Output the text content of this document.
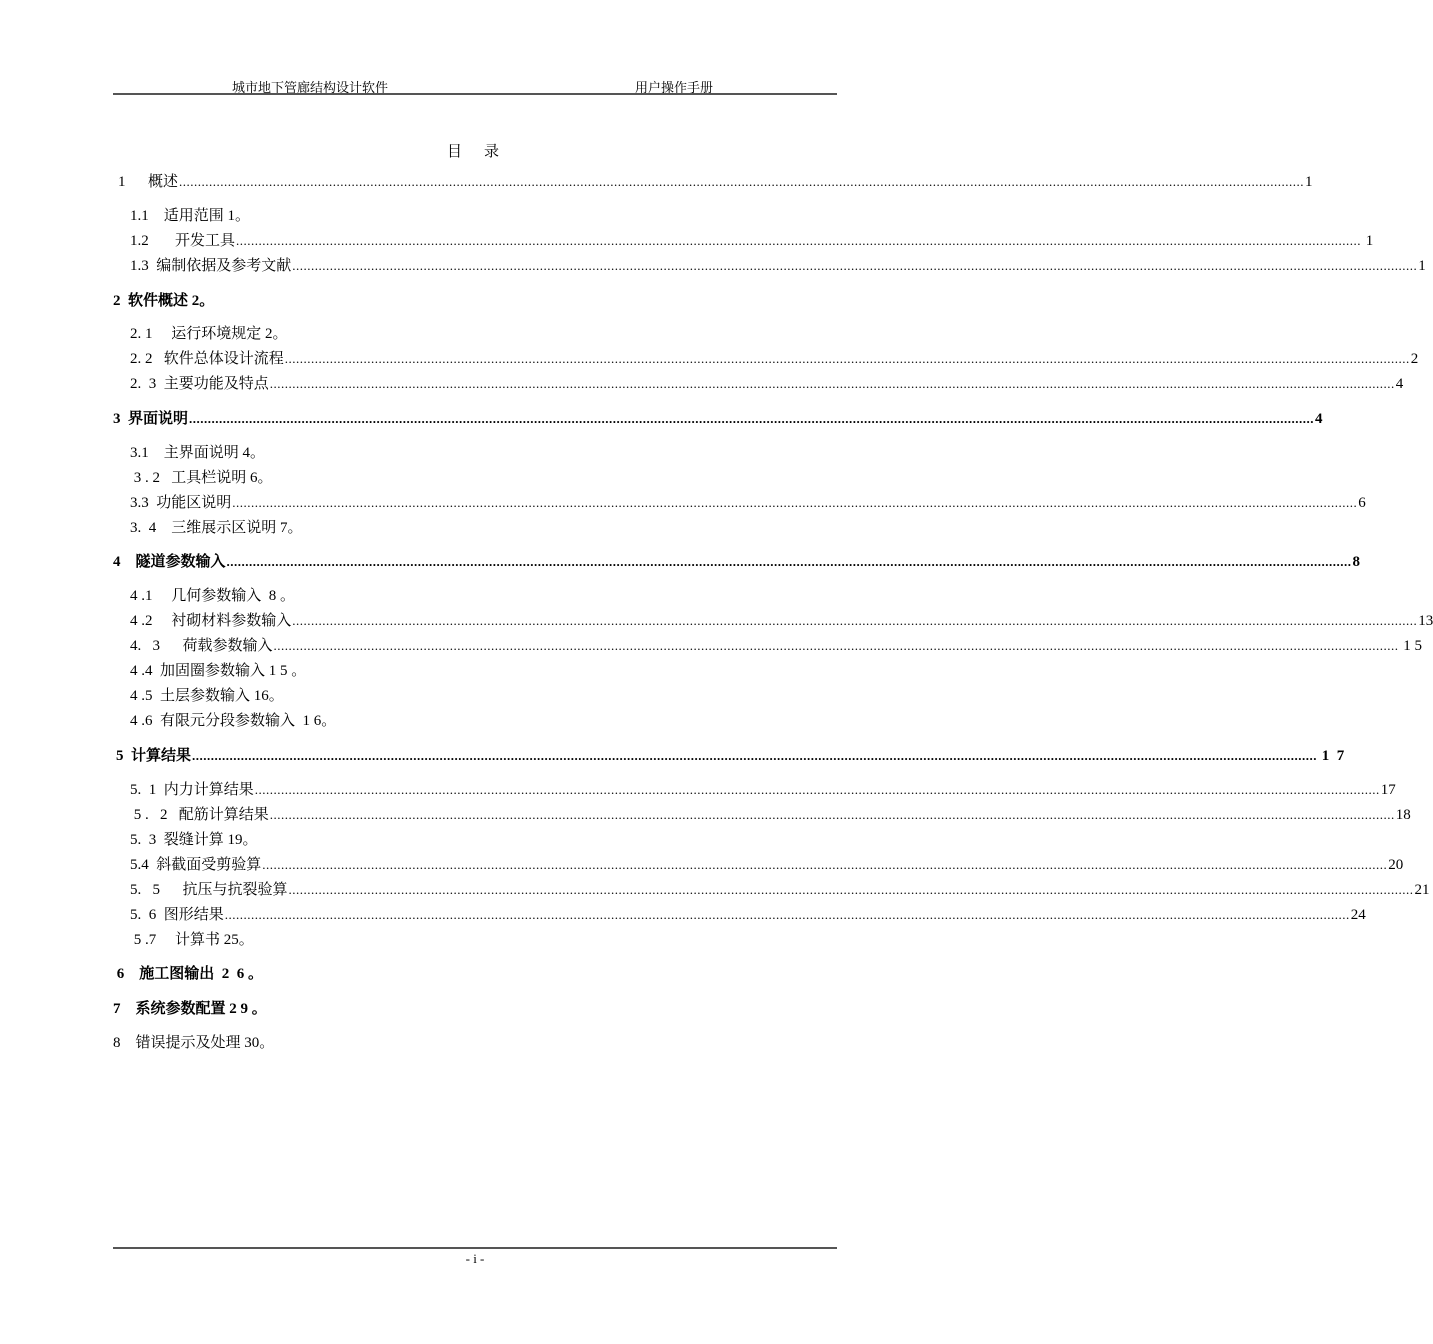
城市地下管廊结构设计软件	用户操作手册
目录
1      概述 ............................................................................................................................................................................................................................................................................................................ 1
1.1    适用范围 1。
1.2       开发工具 ............................................................................................................................................................................................................................................................................................................ 1
1.3  编制依据及参考文献 ............................................................................................................................................................................................................................................................................................................ 1
2  软件概述 2。
2. 1     运行环境规定 2。
2. 2   软件总体设计流程 ............................................................................................................................................................................................................................................................................................................ 2
2.  3  主要功能及特点 ............................................................................................................................................................................................................................................................................................................ 4
3  界面说明 ............................................................................................................................................................................................................................................................................................................ 4
3.1    主界面说明 4。
3 . 2   工具栏说明 6。
3.3  功能区说明 ............................................................................................................................................................................................................................................................................................................ 6
3.  4    三维展示区说明 7。
4    隧道参数输入 ............................................................................................................................................................................................................................................................................................................ 8
4 .1     几何参数输入  8 。
4 .2     衬砌材料参数输入 ............................................................................................................................................................................................................................................................................................................ 13
4.   3      荷载参数输入 ............................................................................................................................................................................................................................................................................................................ 1 5
4 .4  加固圈参数输入 1 5 。
4 .5  土层参数输入 16。
4 .6  有限元分段参数输入  1 6。
5  计算结果 ............................................................................................................................................................................................................................................................................................................ 1  7
5.  1  内力计算结果 ............................................................................................................................................................................................................................................................................................................ 17
5 .   2   配筋计算结果 ............................................................................................................................................................................................................................................................................................................ 18
5.  3  裂缝计算 19。
5.4  斜截面受剪验算 ............................................................................................................................................................................................................................................................................................................ 20
5.   5      抗压与抗裂验算 ............................................................................................................................................................................................................................................................................................................ 21
5.  6  图形结果 ............................................................................................................................................................................................................................................................................................................ 24
5 .7     计算书 25。
6    施工图输出  2  6 。
7    系统参数配置 2 9 。
8    错误提示及处理 30。
- i -
